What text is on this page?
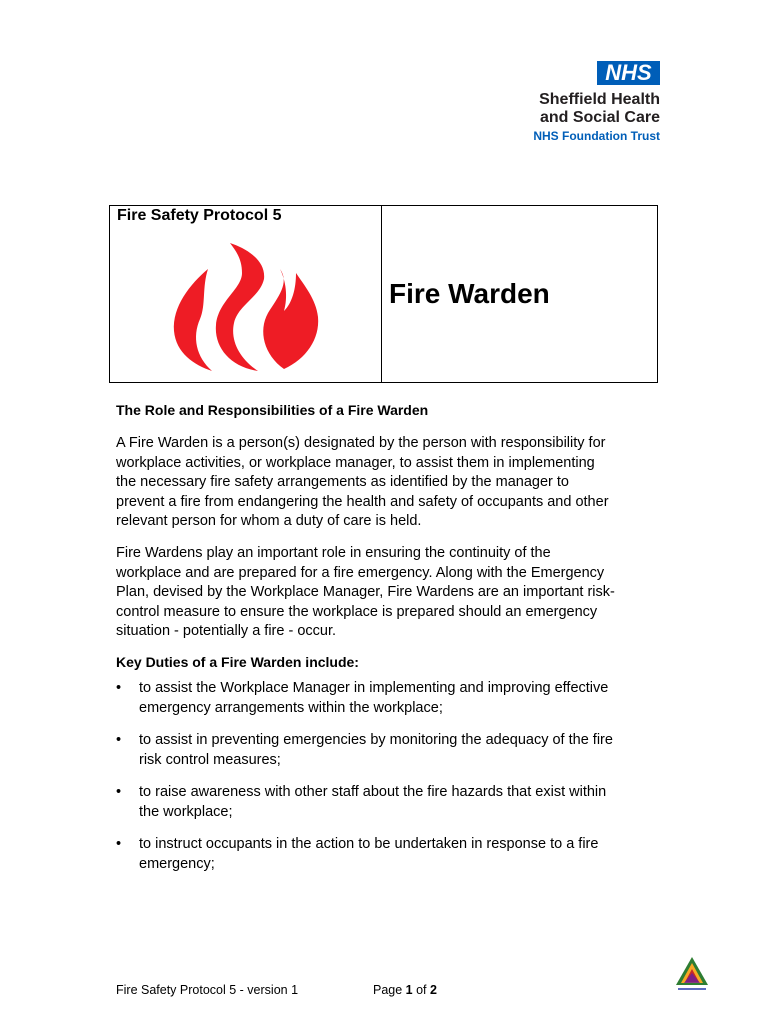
NHS
Sheffield Health
and Social Care
NHS Foundation Trust
Fire Safety Protocol 5
Fire Warden
The Role and Responsibilities of a Fire Warden
A Fire Warden is a person(s) designated by the person with responsibility for
workplace activities, or workplace manager, to assist them in implementing
the necessary fire safety arrangements as identified by the manager to
prevent a fire from endangering the health and safety of occupants and other
relevant person for whom a duty of care is held.
Fire Wardens play an important role in ensuring the continuity of the
workplace and are prepared for a fire emergency. Along with the Emergency
Plan, devised by the Workplace Manager, Fire Wardens are an important risk-
control measure to ensure the workplace is prepared should an emergency
situation - potentially a fire - occur.
Key Duties of a Fire Warden include:
• to assist the Workplace Manager in implementing and improving effective
emergency arrangements within the workplace;
• to assist in preventing emergencies by monitoring the adequacy of the fire
risk control measures;
• to raise awareness with other staff about the fire hazards that exist within
the workplace;
• to instruct occupants in the action to be undertaken in response to a fire
emergency;
Fire Safety Protocol 5 - version 1	Page 1 of 2
